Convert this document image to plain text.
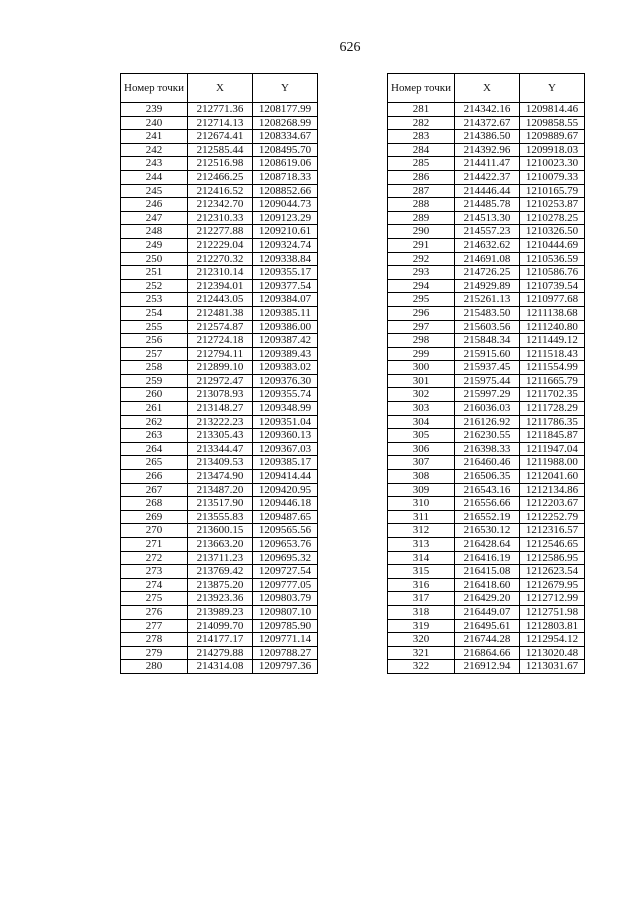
626
Номер точки	X	Y
239	212771.36	1208177.99
240	212714.13	1208268.99
241	212674.41	1208334.67
242	212585.44	1208495.70
243	212516.98	1208619.06
244	212466.25	1208718.33
245	212416.52	1208852.66
246	212342.70	1209044.73
247	212310.33	1209123.29
248	212277.88	1209210.61
249	212229.04	1209324.74
250	212270.32	1209338.84
251	212310.14	1209355.17
252	212394.01	1209377.54
253	212443.05	1209384.07
254	212481.38	1209385.11
255	212574.87	1209386.00
256	212724.18	1209387.42
257	212794.11	1209389.43
258	212899.10	1209383.02
259	212972.47	1209376.30
260	213078.93	1209355.74
261	213148.27	1209348.99
262	213222.23	1209351.04
263	213305.43	1209360.13
264	213344.47	1209367.03
265	213409.53	1209385.17
266	213474.90	1209414.44
267	213487.20	1209420.95
268	213517.90	1209446.18
269	213555.83	1209487.65
270	213600.15	1209565.56
271	213663.20	1209653.76
272	213711.23	1209695.32
273	213769.42	1209727.54
274	213875.20	1209777.05
275	213923.36	1209803.79
276	213989.23	1209807.10
277	214099.70	1209785.90
278	214177.17	1209771.14
279	214279.88	1209788.27
280	214314.08	1209797.36
Номер точки	X	Y
281	214342.16	1209814.46
282	214372.67	1209858.55
283	214386.50	1209889.67
284	214392.96	1209918.03
285	214411.47	1210023.30
286	214422.37	1210079.33
287	214446.44	1210165.79
288	214485.78	1210253.87
289	214513.30	1210278.25
290	214557.23	1210326.50
291	214632.62	1210444.69
292	214691.08	1210536.59
293	214726.25	1210586.76
294	214929.89	1210739.54
295	215261.13	1210977.68
296	215483.50	1211138.68
297	215603.56	1211240.80
298	215848.34	1211449.12
299	215915.60	1211518.43
300	215937.45	1211554.99
301	215975.44	1211665.79
302	215997.29	1211702.35
303	216036.03	1211728.29
304	216126.92	1211786.35
305	216230.55	1211845.87
306	216398.33	1211947.04
307	216460.46	1211988.00
308	216506.35	1212041.60
309	216543.16	1212134.86
310	216556.66	1212203.67
311	216552.19	1212252.79
312	216530.12	1212316.57
313	216428.64	1212546.65
314	216416.19	1212586.95
315	216415.08	1212623.54
316	216418.60	1212679.95
317	216429.20	1212712.99
318	216449.07	1212751.98
319	216495.61	1212803.81
320	216744.28	1212954.12
321	216864.66	1213020.48
322	216912.94	1213031.67
